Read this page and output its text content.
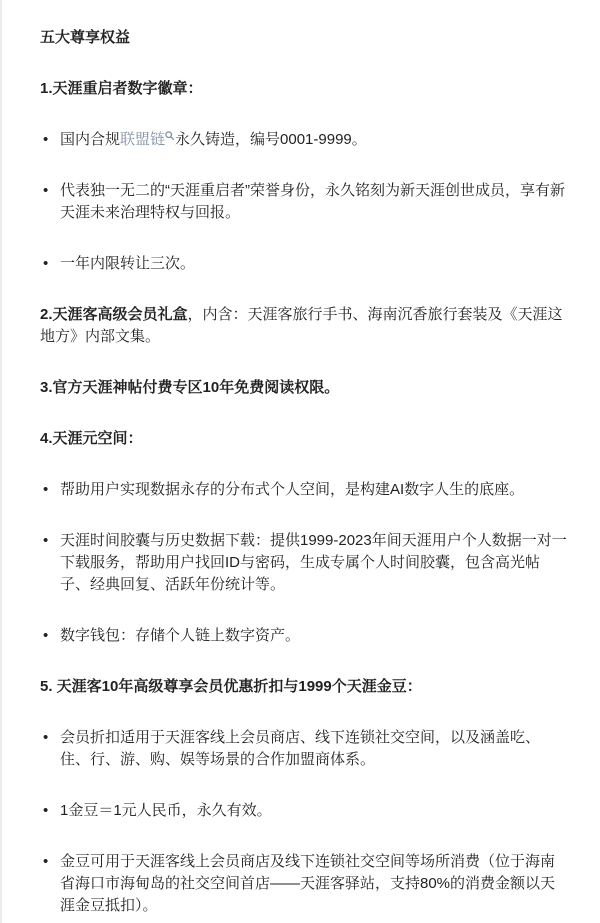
五大尊享权益

1.天涯重启者数字徽章：

• 国内合规联盟链 永久铸造，编号0001-9999。

• 代表独一无二的“天涯重启者”荣誉身份，永久铭刻为新天涯创世成员，享有新天涯未来治理特权与回报。

• 一年内限转让三次。

2.天涯客高级会员礼盒，内含：天涯客旅行手书、海南沉香旅行套装及《天涯这地方》内部文集。

3.官方天涯神帖付费专区10年免费阅读权限。

4.天涯元空间：

• 帮助用户实现数据永存的分布式个人空间，是构建AI数字人生的底座。

• 天涯时间胶囊与历史数据下载：提供1999-2023年间天涯用户个人数据一对一下载服务，帮助用户找回ID与密码，生成专属个人时间胶囊，包含高光帖子、经典回复、活跃年份统计等。

• 数字钱包：存储个人链上数字资产。

5. 天涯客10年高级尊享会员优惠折扣与1999个天涯金豆：

• 会员折扣适用于天涯客线上会员商店、线下连锁社交空间，以及涵盖吃、住、行、游、购、娱等场景的合作加盟商体系。

• 1金豆＝1元人民币，永久有效。

• 金豆可用于天涯客线上会员商店及线下连锁社交空间等场所消费（位于海南省海口市海甸岛的社交空间首店——天涯客驿站，支持80%的消费金额以天涯金豆抵扣）。
